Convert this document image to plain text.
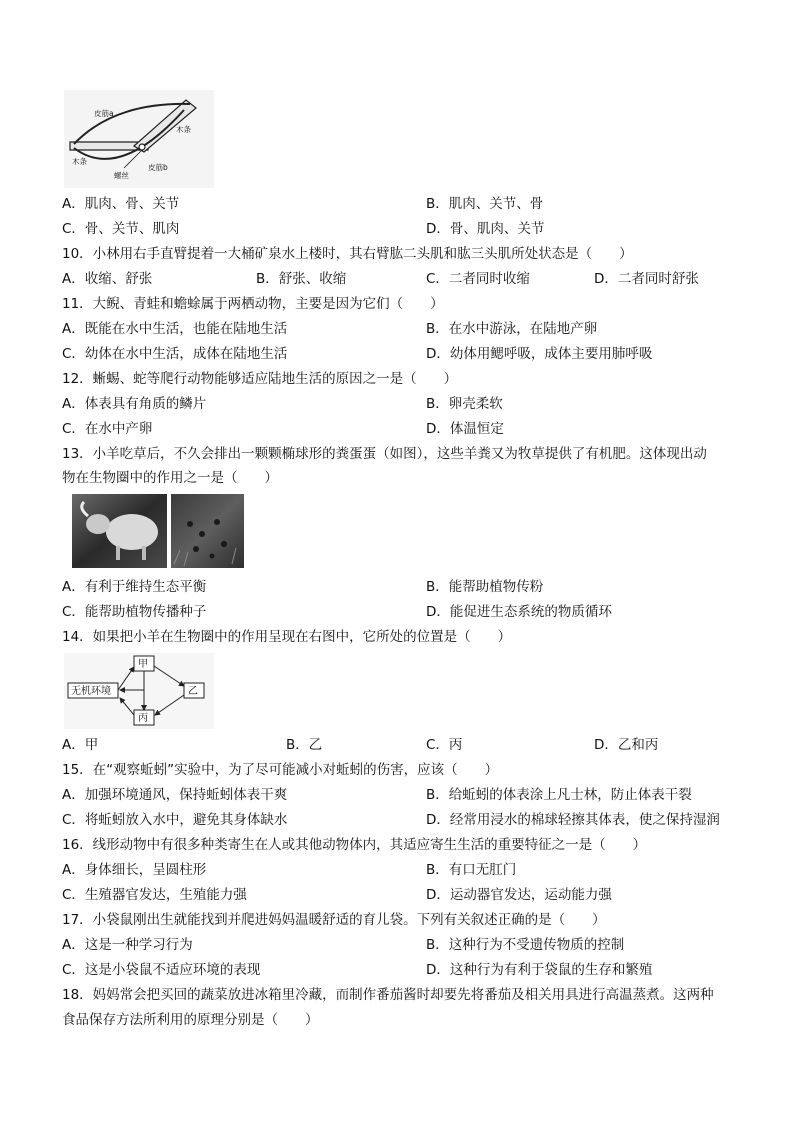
皮筋a
木条
木条
螺丝
皮筋b
A．肌肉、骨、关节	B．肌肉、关节、骨
C．骨、关节、肌肉	D．骨、肌肉、关节
10．小林用右手直臂提着一大桶矿泉水上楼时，其右臂肱二头肌和肱三头肌所处状态是（　　）
A．收缩、舒张	B．舒张、收缩	C．二者同时收缩	D．二者同时舒张
11．大鲵、青蛙和蟾蜍属于两栖动物，主要是因为它们（　　）
A．既能在水中生活，也能在陆地生活	B．在水中游泳，在陆地产卵
C．幼体在水中生活，成体在陆地生活	D．幼体用鳃呼吸，成体主要用肺呼吸
12．蜥蜴、蛇等爬行动物能够适应陆地生活的原因之一是（　　）
A．体表具有角质的鳞片	B．卵壳柔软
C．在水中产卵	D．体温恒定
13．小羊吃草后，不久会排出一颗颗椭球形的粪蛋蛋（如图），这些羊粪又为牧草提供了有机肥。这体现出动
物在生物圈中的作用之一是（　　）
A．有利于维持生态平衡	B．能帮助植物传粉
C．能帮助植物传播种子	D．能促进生态系统的物质循环
14．如果把小羊在生物圈中的作用呈现在右图中，它所处的位置是（　　）
甲
无机环境	乙
丙
A．甲	B．乙	C．丙	D．乙和丙
15．在“观察蚯蚓”实验中，为了尽可能减小对蚯蚓的伤害，应该（　　）
A．加强环境通风，保持蚯蚓体表干爽	B．给蚯蚓的体表涂上凡士林，防止体表干裂
C．将蚯蚓放入水中，避免其身体缺水	D．经常用浸水的棉球轻擦其体表，使之保持湿润
16．线形动物中有很多种类寄生在人或其他动物体内，其适应寄生生活的重要特征之一是（　　）
A．身体细长，呈圆柱形	B．有口无肛门
C．生殖器官发达，生殖能力强	D．运动器官发达，运动能力强
17．小袋鼠刚出生就能找到并爬进妈妈温暖舒适的育儿袋。下列有关叙述正确的是（　　）
A．这是一种学习行为	B．这种行为不受遗传物质的控制
C．这是小袋鼠不适应环境的表现	D．这种行为有利于袋鼠的生存和繁殖
18．妈妈常会把买回的蔬菜放进冰箱里冷藏，而制作番茄酱时却要先将番茄及相关用具进行高温蒸煮。这两种
食品保存方法所利用的原理分别是（　　）
